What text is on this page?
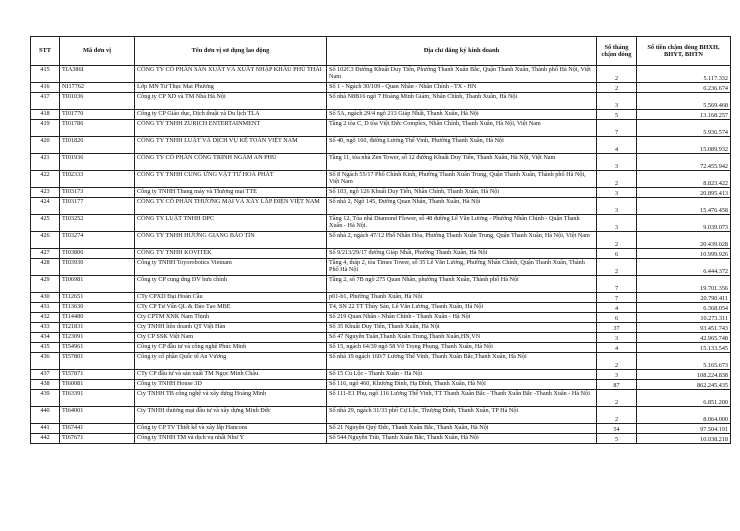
STT	Mã đơn vị	Tên đơn vị sử dụng lao động	Địa chỉ đăng ký kinh doanh	Số tháng chậm đóng	Số tiền chậm đóng BHXH, BHYT, BHTN
415	TIA386I	CÔNG TY CỔ PHẦN SẢN XUẤT VÀ XUẤT NHẬP KHẨU PHÚ THÁI	Số 102C3 Đường Khuất Duy Tiến, Phường Thanh Xuân Bắc, Quận Thanh Xuân, Thành phố Hà Nội, Việt Nam	2	5.117.332
416	NI17762	Lớp MN Tư Thục Mai Phương	Số 1 - Ngách 30/109 - Quan Nhân - Nhân Chính - TX - HN	2	6.236.674
417	TI01036	Công ty CP XD và TM Nhà Hà Nội	Số nhà N8B16 ngõ 7 Hoàng Minh Giám, Nhân Chính, Thanh Xuân, Hà Nội	3	5.569.468
418	TI01770	Công ty CP Giáo dục, Dịch thuật và Du lịch TLA	Số 5A, ngách 29/4 ngõ 213 Giáp Nhất, Thanh Xuân, Hà Nội	5	13.168.257
419	TI01786	CÔNG TY TNHH ZURICH ENTERTAINMENT	Tầng 2 tòa C, D tòa Việt Đức Complex, Nhân Chính, Thanh Xuân, Hà Nội, Việt Nam	7	5.936.574
420	TI01826	CÔNG TY TNHH LUẬT VÀ DỊCH VỤ KẾ TOÁN VIỆT NAM	Số 40, ngõ 160, đường Lương Thế Vinh, Phường Thanh Xuân, Hà Nội	4	15.089.932
421	TI01936	CÔNG TY CỔ PHẦN CÔNG TRÌNH NGẦM AN PHÚ	Tầng 11, tòa nhà Zen Tower, số 12 đường Khuất Duy Tiến, Thanh Xuân, Hà Nội, Việt Nam	3	72.455.942
422	TI02333	CÔNG TY TNHH CUNG ỨNG VẬT TƯ HOÀ PHÁT	Số 8 Ngách 55/17 Phố Chính Kinh, Phường Thanh Xuân Trung, Quận Thanh Xuân, Thành phố Hà Nội, Việt Nam	2	8.823.422
423	TI03173	Công ty TNHH Thang máy và Thương mại TTE	Số 103, ngõ 126 Khuất Duy Tiến, Nhân Chính, Thanh Xuân, Hà Nội	3	20.895.413
424	TI03177	CÔNG TY CỔ PHẦN THƯƠNG MẠI VÀ XÂY LẮP ĐIỆN VIỆT NAM	Số nhà 2, Ngõ 145, Đường Quan Nhân, Thanh Xuân, Hà Nội	3	15.476.458
425	TI03252	CÔNG TY LUẬT TNHH DPC	Tầng 12, Tòa nhà Diamond Flower, số 48 đường Lê Văn Lương - Phường Nhân Chính - Quận Thanh Xuân - Hà Nội.	3	9.039.073
426	TI03274	CÔNG TY TNHH HƯƠNG GIANG BẢO TÍN	Số nhà 2, ngách 47/12 Phố Nhân Hòa, Phường Thanh Xuân Trung, Quận Thanh Xuân, Hà Nội, Việt Nam	2	20.439.028
427	TI03806	CÔNG TY TNHH KOVITEK	Số 9/213/29/17 đường Giáp Nhất, Phường Thanh Xuân, Hà Nội	6	10.999.926
428	TI03930	Công ty TNHH Toyorobotics Vietnam	Tầng 4, tháp 2, tòa Times Tower, số 35 Lê Văn Lương, Phường Nhân Chính, Quận Thanh Xuân, Thành Phố Hà Nội	2	6.444.372
429	TI06981	Công ty CP cung ứng DV bưu chính	Tầng 2, số 7B ngõ 275 Quan Nhân, phường Thanh Xuân, Thành phố Hà Nội	7	19.701.356
430	TI12651	CTy CPXD Đại Hoàn Cầu	p01-b1, Phường Thanh Xuân, Hà Nội	7	20.790.411
431	TI13630	CTy CP Tư Vấn QL & Đào Tạo MBE	T4, SN 22 TT Thủy Sản, Lê Văn Lương, Thanh Xuân, Hà Nội	4	6.368.054
432	TI14480	Cty CPTM XNK Nam Thịnh	Số 219 Quan Nhân - Nhân Chính - Thanh Xuân - Hà Nội	6	10.273.311
433	TI21831	Cty TNHH liên doanh QT Việt Hàn	Số 35 Khuất Duy Tiến, Thanh Xuân, Hà Nội	37	93.451.743
434	TI23091	Cty CP SSK Việt Nam	Số 47 Nguyễn Tuân,Thanh Xuân Trung,Thanh Xuân,HN,VN	3	42.965.748
435	TI54961	Công ty CP đầu tư và công nghệ Phúc Minh	Số 15, ngách 64/39 ngõ 58 Võ Trọng Phụng, Thanh Xuân, Hà Nội	4	15.133.545
436	TI57801	Công ty cổ phần Quốc tế An Vương	Số nhà 19 ngách 160/7 Lương Thế Vinh, Thanh Xuân Bắc,Thanh Xuân, Hà Nội	2	5.165.673
437	TI57871	CTy CP đầu tư và sản xuất TM Ngọc Minh Châu	Số 15 Cù Lộc - Thanh Xuân - Hà Nội	3	108.224.838
438	TI60081	Công ty TNHH House 3D	Số 116, ngõ 460, Khương Đình, Hạ Đình, Thanh Xuân, Hà Nội	87	862.245.435
439	TI63391	Cty TNHH TB công nghệ và xây dựng Hoàng Minh	Số 111-E1 Phụ, ngõ 116 Lương Thế Vinh, TT Thanh Xuân Bắc - Thanh Xuân Bắc -Thanh Xuân - Hà Nội	2	6.851.200
440	TI64001	Cty TNHH thương mại đầu tư và xây dựng Minh Đức	Số nhà 29, ngách 31/33 phố Cự Lộc, Thượng Đình, Thanh Xuân, TP Hà Nội	2	8.064.000
441	TI67441	Công ty CP TV Thiết kế và xây lắp Hancons	Số 21 Nguyễn Quý Đức, Thanh Xuân Bắc, Thanh Xuân, Hà Nội	54	97.504.191
442	TI67671	Công ty TNHH TM và dịch vụ nhất Như Ý	Số 544 Nguyễn Trãi, Thanh Xuân Bắc, Thanh Xuân, Hà Nội	5	10.038.218
